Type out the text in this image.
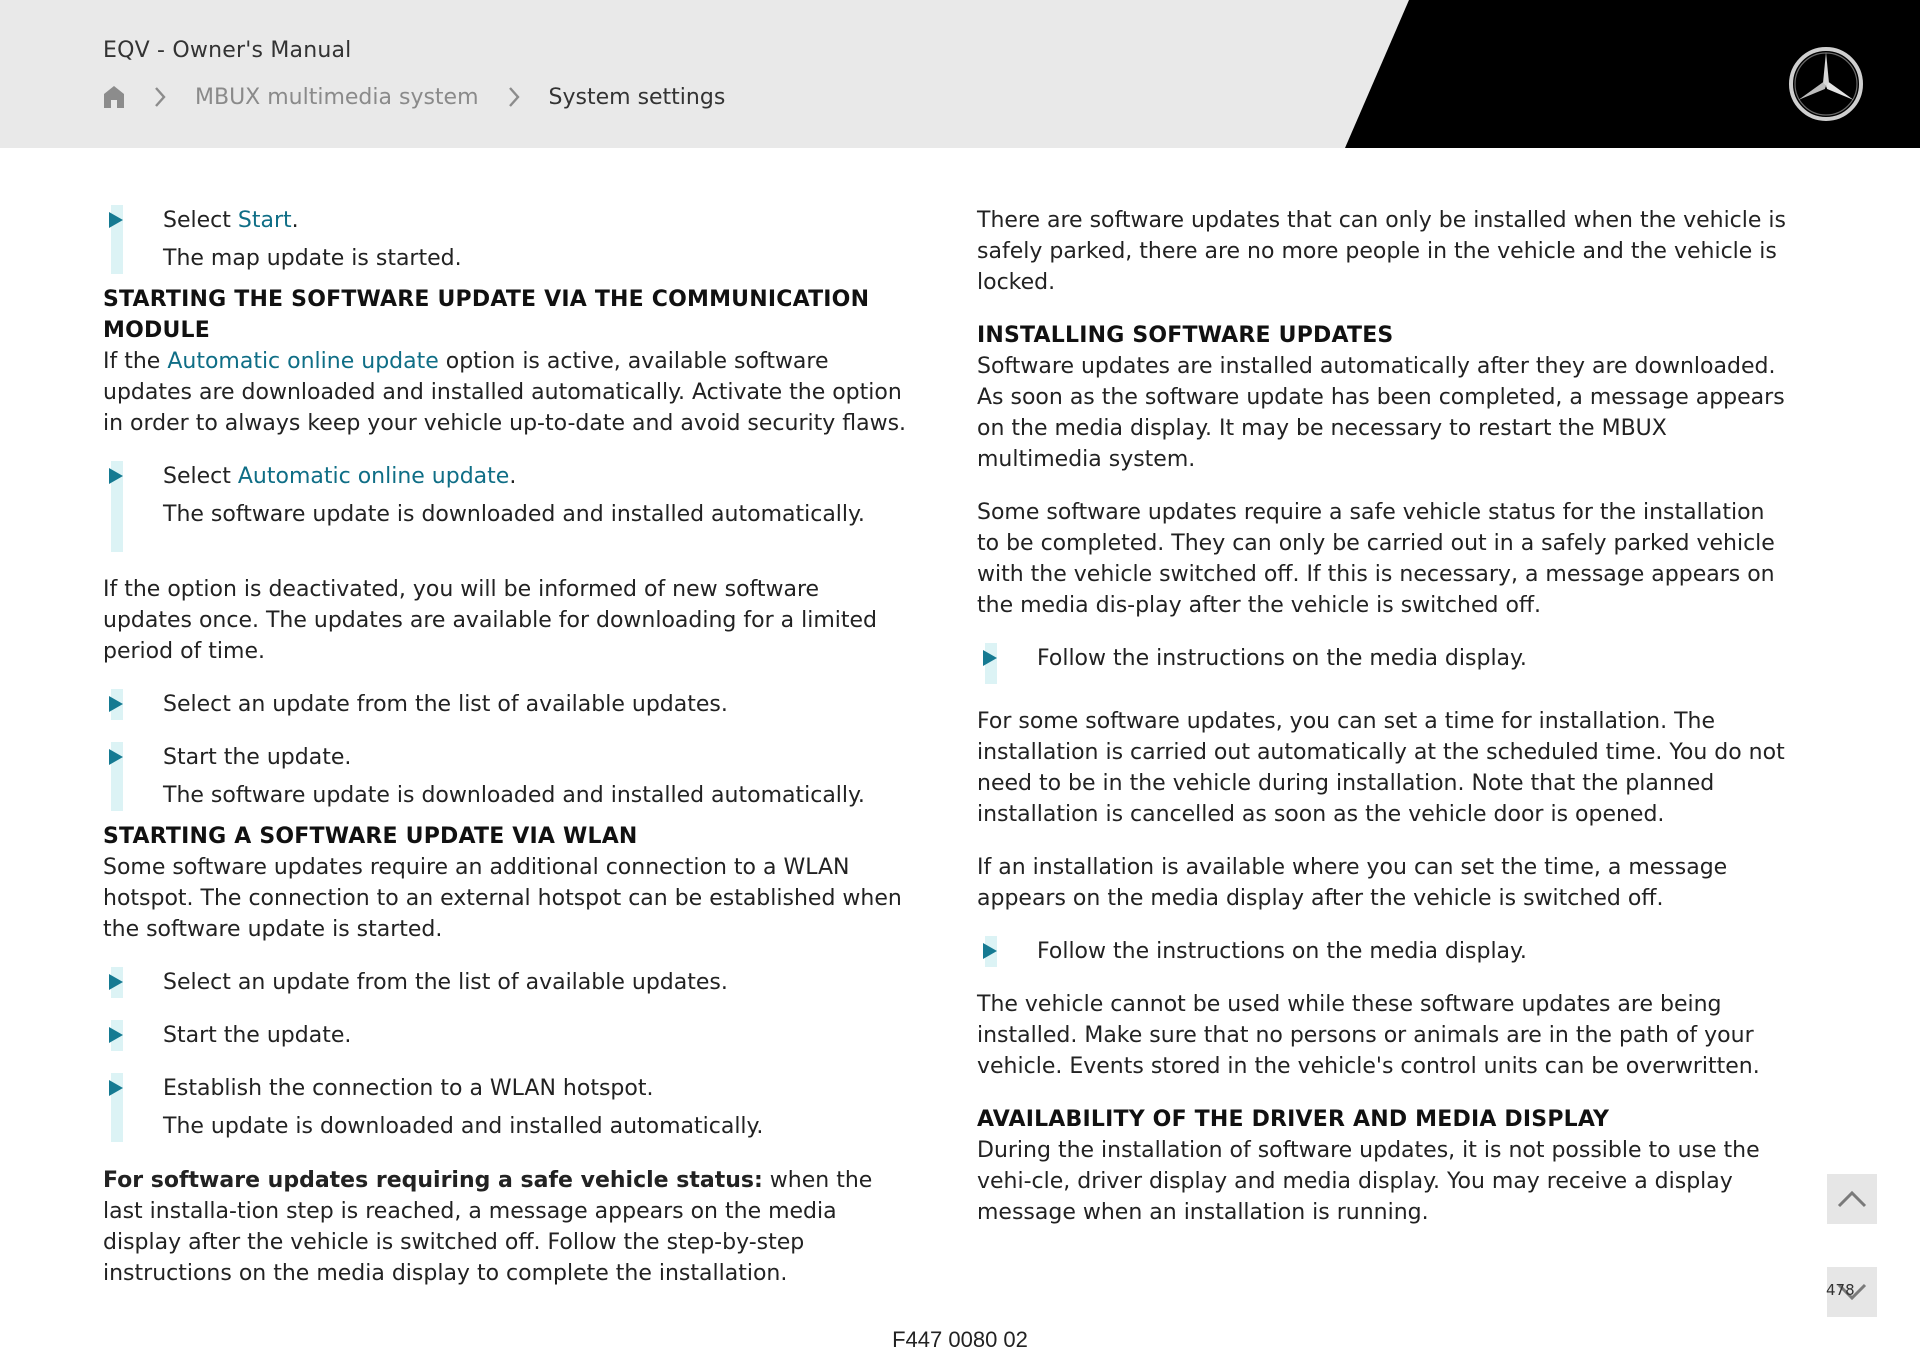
EQV - Owner's Manual
MBUX multimedia system	System settings
Select Start.
The map update is started.
STARTING THE SOFTWARE UPDATE VIA THE COMMUNICATION MODULE

If the Automatic online update option is active, available software updates are downloaded and installed automatically. Activate the option in order to always keep your vehicle up-to-date and avoid security flaws.

Select Automatic online update.
The software update is downloaded and installed automatically.

If the option is deactivated, you will be informed of new software updates once. The updates are available for downloading for a limited period of time.

Select an update from the list of available updates.
Start the update.
The software update is downloaded and installed automatically.
STARTING A SOFTWARE UPDATE VIA WLAN

Some software updates require an additional connection to a WLAN hotspot. The connection to an external hotspot can be established when the software update is started.

Select an update from the list of available updates.
Start the update.
Establish the connection to a WLAN hotspot.
The update is downloaded and installed automatically.

For software updates requiring a safe vehicle status: when the last installa-tion step is reached, a message appears on the media display after the vehicle is switched off. Follow the step-by-step instructions on the media display to complete the installation.

There are software updates that can only be installed when the vehicle is safely parked, there are no more people in the vehicle and the vehicle is locked.

INSTALLING SOFTWARE UPDATES

Software updates are installed automatically after they are downloaded. As soon as the software update has been completed, a message appears on the media display. It may be necessary to restart the MBUX multimedia system.

Some software updates require a safe vehicle status for the installation to be completed. They can only be carried out in a safely parked vehicle with the vehicle switched off. If this is necessary, a message appears on the media dis-play after the vehicle is switched off.

Follow the instructions on the media display.

For some software updates, you can set a time for installation. The installation is carried out automatically at the scheduled time. You do not need to be in the vehicle during installation. Note that the planned installation is cancelled as soon as the vehicle door is opened.

If an installation is available where you can set the time, a message appears on the media display after the vehicle is switched off.

Follow the instructions on the media display.

The vehicle cannot be used while these software updates are being installed. Make sure that no persons or animals are in the path of your vehicle. Events stored in the vehicle's control units can be overwritten.

AVAILABILITY OF THE DRIVER AND MEDIA DISPLAY

During the installation of software updates, it is not possible to use the vehi-cle, driver display and media display. You may receive a display message when an installation is running.

478
F447 0080 02
